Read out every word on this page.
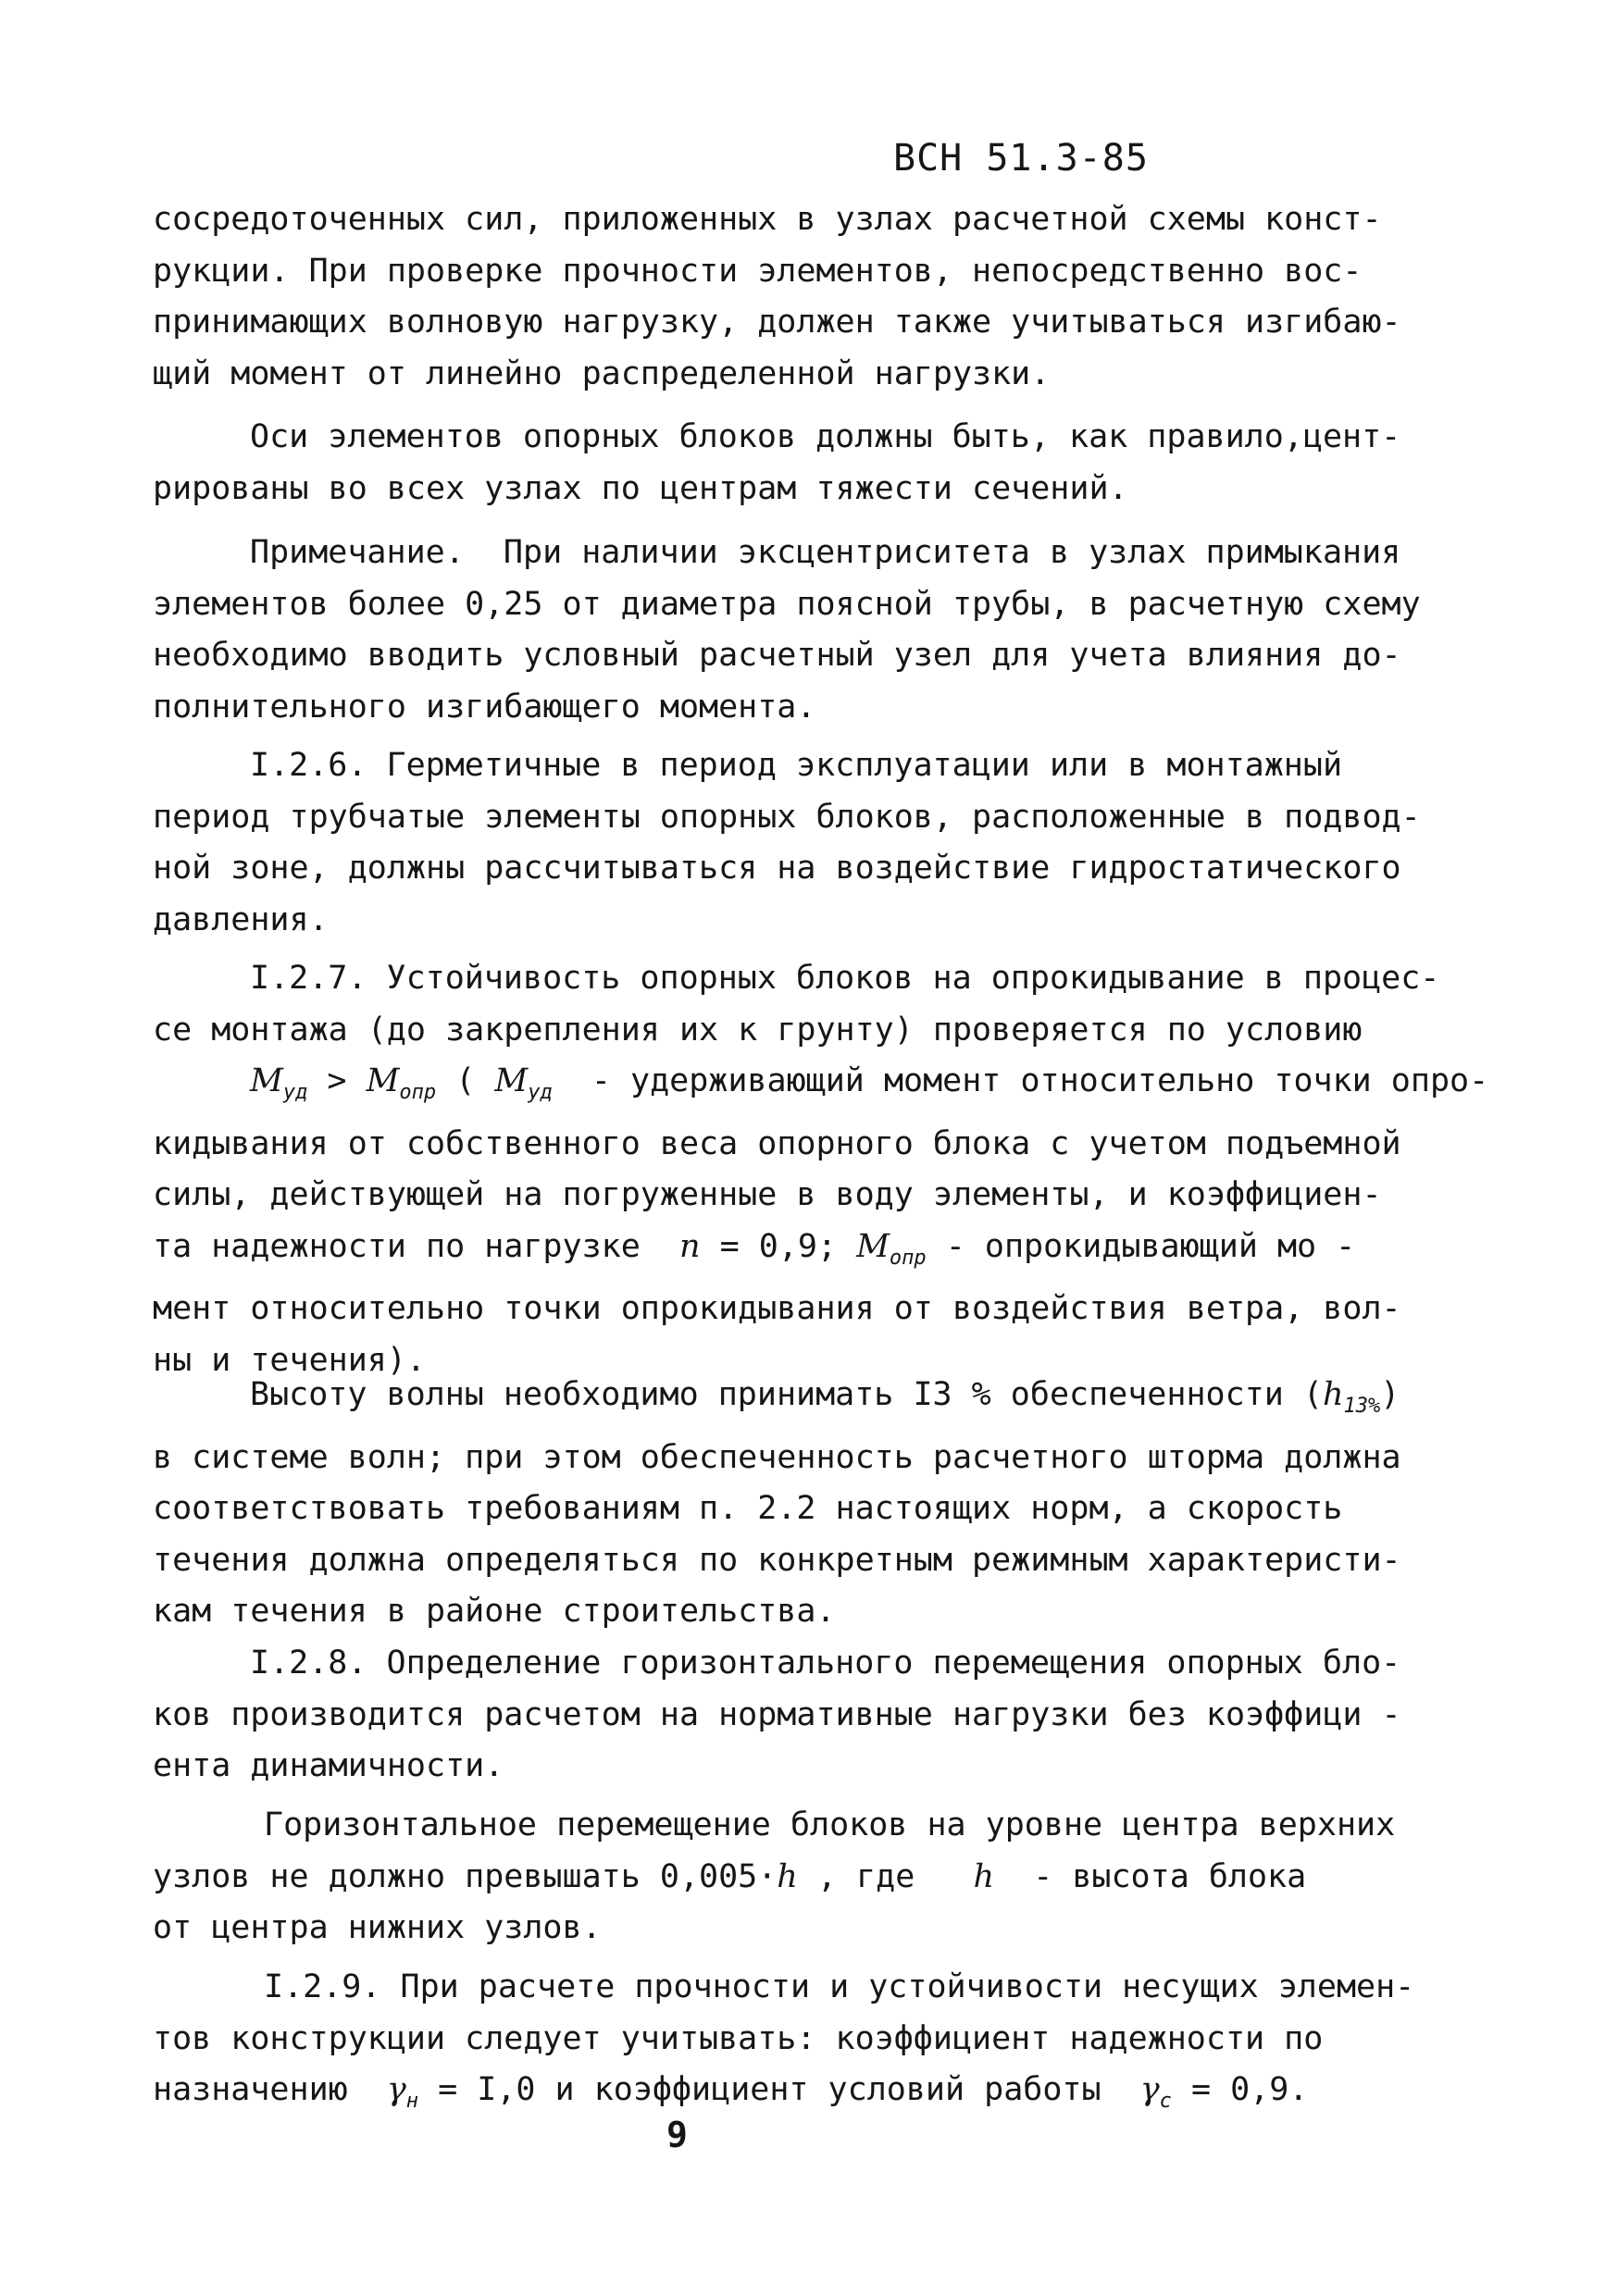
ВСН 51.3-85
сосредоточенных сил, приложенных в узлах расчетной схемы конст-
рукции. При проверке прочности элементов, непосредственно вос-
принимающих волновую нагрузку, должен также учитываться изгибаю-
щий момент от линейно распределенной нагрузки.
Оси элементов опорных блоков должны быть, как правило,цент-
рированы во всех узлах по центрам тяжести сечений.
Примечание.  При наличии эксцентриситета в узлах примыкания
элементов более 0,25 от диаметра поясной трубы, в расчетную схему
необходимо вводить условный расчетный узел для учета влияния до-
полнительного изгибающего момента.
I.2.6. Герметичные в период эксплуатации или в монтажный
период трубчатые элементы опорных блоков, расположенные в подвод-
ной зоне, должны рассчитываться на воздействие гидростатического
давления.
I.2.7. Устойчивость опорных блоков на опрокидывание в процес-
се монтажа (до закрепления их к грунту) проверяется по условию
$M_{уд} > M_{опр}$ ( $M_{уд}$  - удерживающий момент относительно точки опро-
кидывания от собственного веса опорного блока с учетом подъемной
силы, действующей на погруженные в воду элементы, и коэффициен-
та надежности по нагрузке  n = 0,9; $M_{опр}$ - опрокидывающий мо -
мент относительно точки опрокидывания от воздействия ветра, вол-
ны и течения).
Высоту волны необходимо принимать I3 % обеспеченности $(h_{13\%})$
в системе волн; при этом обеспеченность расчетного шторма должна
соответствовать требованиям п. 2.2 настоящих норм, а скорость
течения должна определяться по конкретным режимным характеристи-
кам течения в районе строительства.
I.2.8. Определение горизонтального перемещения опорных бло-
ков производится расчетом на нормативные нагрузки без коэффици -
ента динамичности.
Горизонтальное перемещение блоков на уровне центра верхних
узлов не должно превышать 0,005·h , где   h  - высота блока
от центра нижних узлов.
I.2.9. При расчете прочности и устойчивости несущих элемен-
тов конструкции следует учитывать: коэффициент надежности по
назначению  $\gamma_н = I,0$ и коэффициент условий работы  $\gamma_с = 0,9$.
9
